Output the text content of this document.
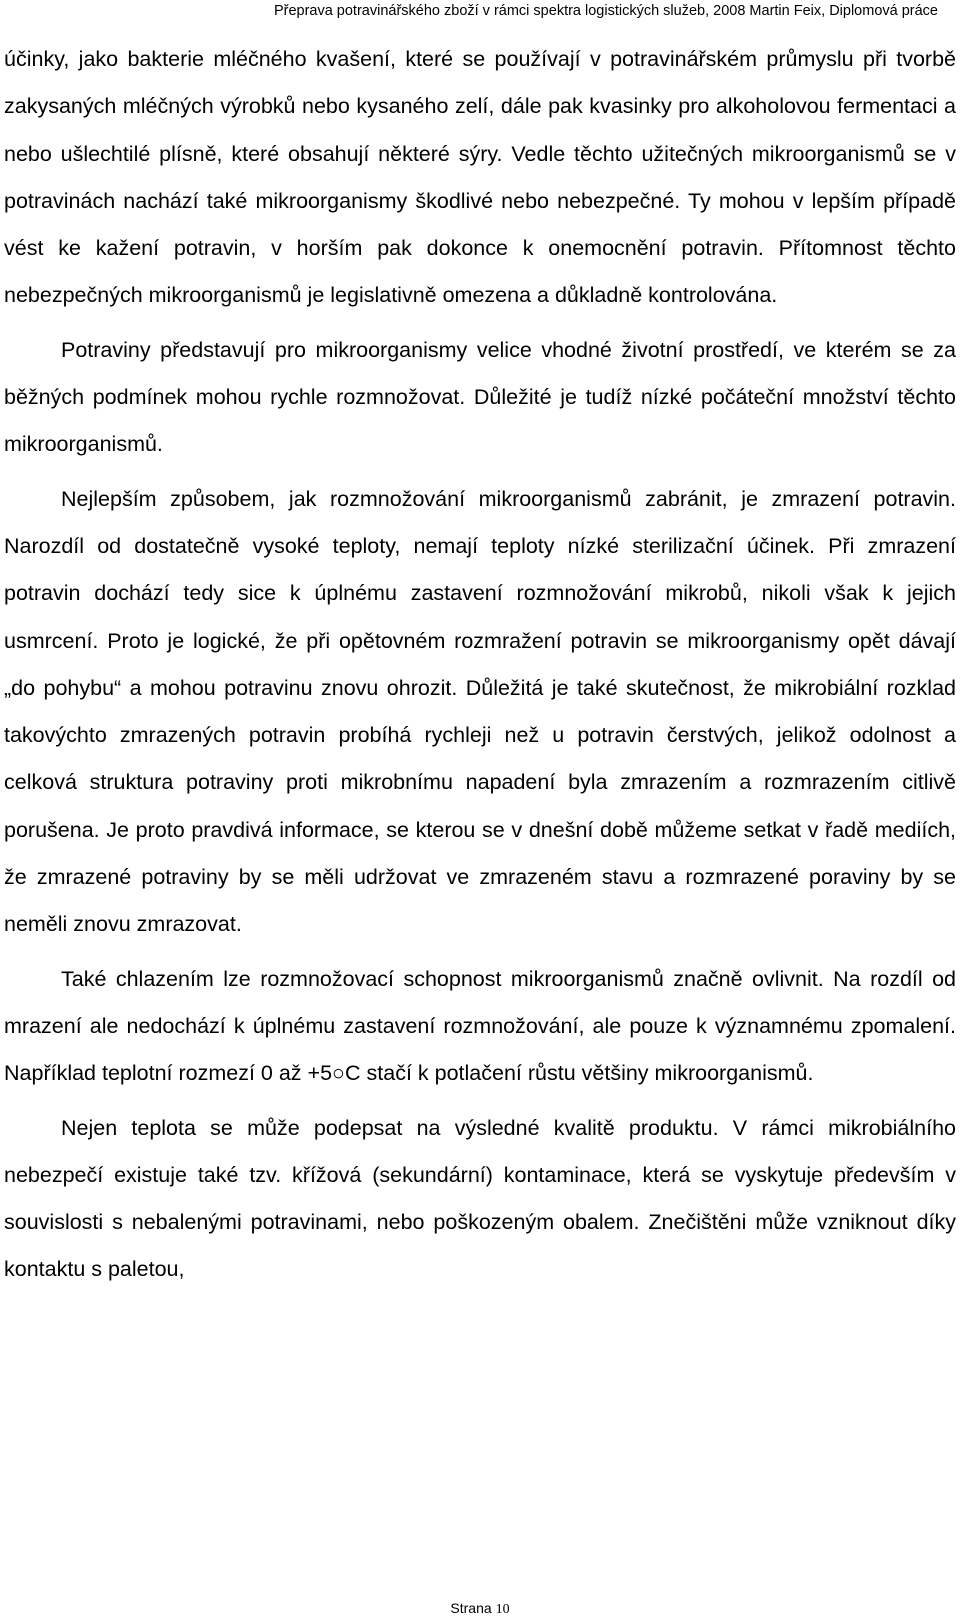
Přeprava potravinářského zboží v rámci spektra logistických služeb, 2008 Martin Feix, Diplomová práce

účinky, jako bakterie mléčného kvašení, které se používají v potravinářském průmyslu při tvorbě zakysaných mléčných výrobků nebo kysaného zelí, dále pak kvasinky pro alkoholovou fermentaci a nebo ušlechtilé plísně, které obsahují některé sýry. Vedle těchto užitečných mikroorganismů se v potravinách nachází také mikroorganismy škodlivé nebo nebezpečné. Ty mohou v lepším případě vést ke kažení potravin, v horším pak dokonce k onemocnění potravin. Přítomnost těchto nebezpečných mikroorganismů je legislativně omezena a důkladně kontrolována.

Potraviny představují pro mikroorganismy velice vhodné životní prostředí, ve kterém se za běžných podmínek mohou rychle rozmnožovat. Důležité je tudíž nízké počáteční množství těchto mikroorganismů.

Nejlepším způsobem, jak rozmnožování mikroorganismů zabránit, je zmrazení potravin. Narozdíl od dostatečně vysoké teploty, nemají teploty nízké sterilizační účinek. Při zmrazení potravin dochází tedy sice k úplnému zastavení rozmnožování mikrobů, nikoli však k jejich usmrcení. Proto je logické, že při opětovném rozmražení potravin se mikroorganismy opět dávají „do pohybu“ a mohou potravinu znovu ohrozit. Důležitá je také skutečnost, že mikrobiální rozklad takovýchto zmrazených potravin probíhá rychleji než u potravin čerstvých, jelikož odolnost a celková struktura potraviny proti mikrobnímu napadení byla zmrazením a rozmrazením citlivě porušena. Je proto pravdivá informace, se kterou se v dnešní době můžeme setkat v řadě mediích, že zmrazené potraviny by se měli udržovat ve zmrazeném stavu a rozmrazené poraviny by se neměli znovu zmrazovat.

Také chlazením lze rozmnožovací schopnost mikroorganismů značně ovlivnit. Na rozdíl od mrazení ale nedochází k úplnému zastavení rozmnožování, ale pouze k významnému zpomalení. Například teplotní rozmezí 0 až +5○C stačí k potlačení růstu většiny mikroorganismů.

Nejen teplota se může podepsat na výsledné kvalitě produktu. V rámci mikrobiálního nebezpečí existuje také tzv. křížová (sekundární) kontaminace, která se vyskytuje především v souvislosti s nebalenými potravinami, nebo poškozeným obalem. Znečištěni může vzniknout díky kontaktu s paletou,

Strana 10
